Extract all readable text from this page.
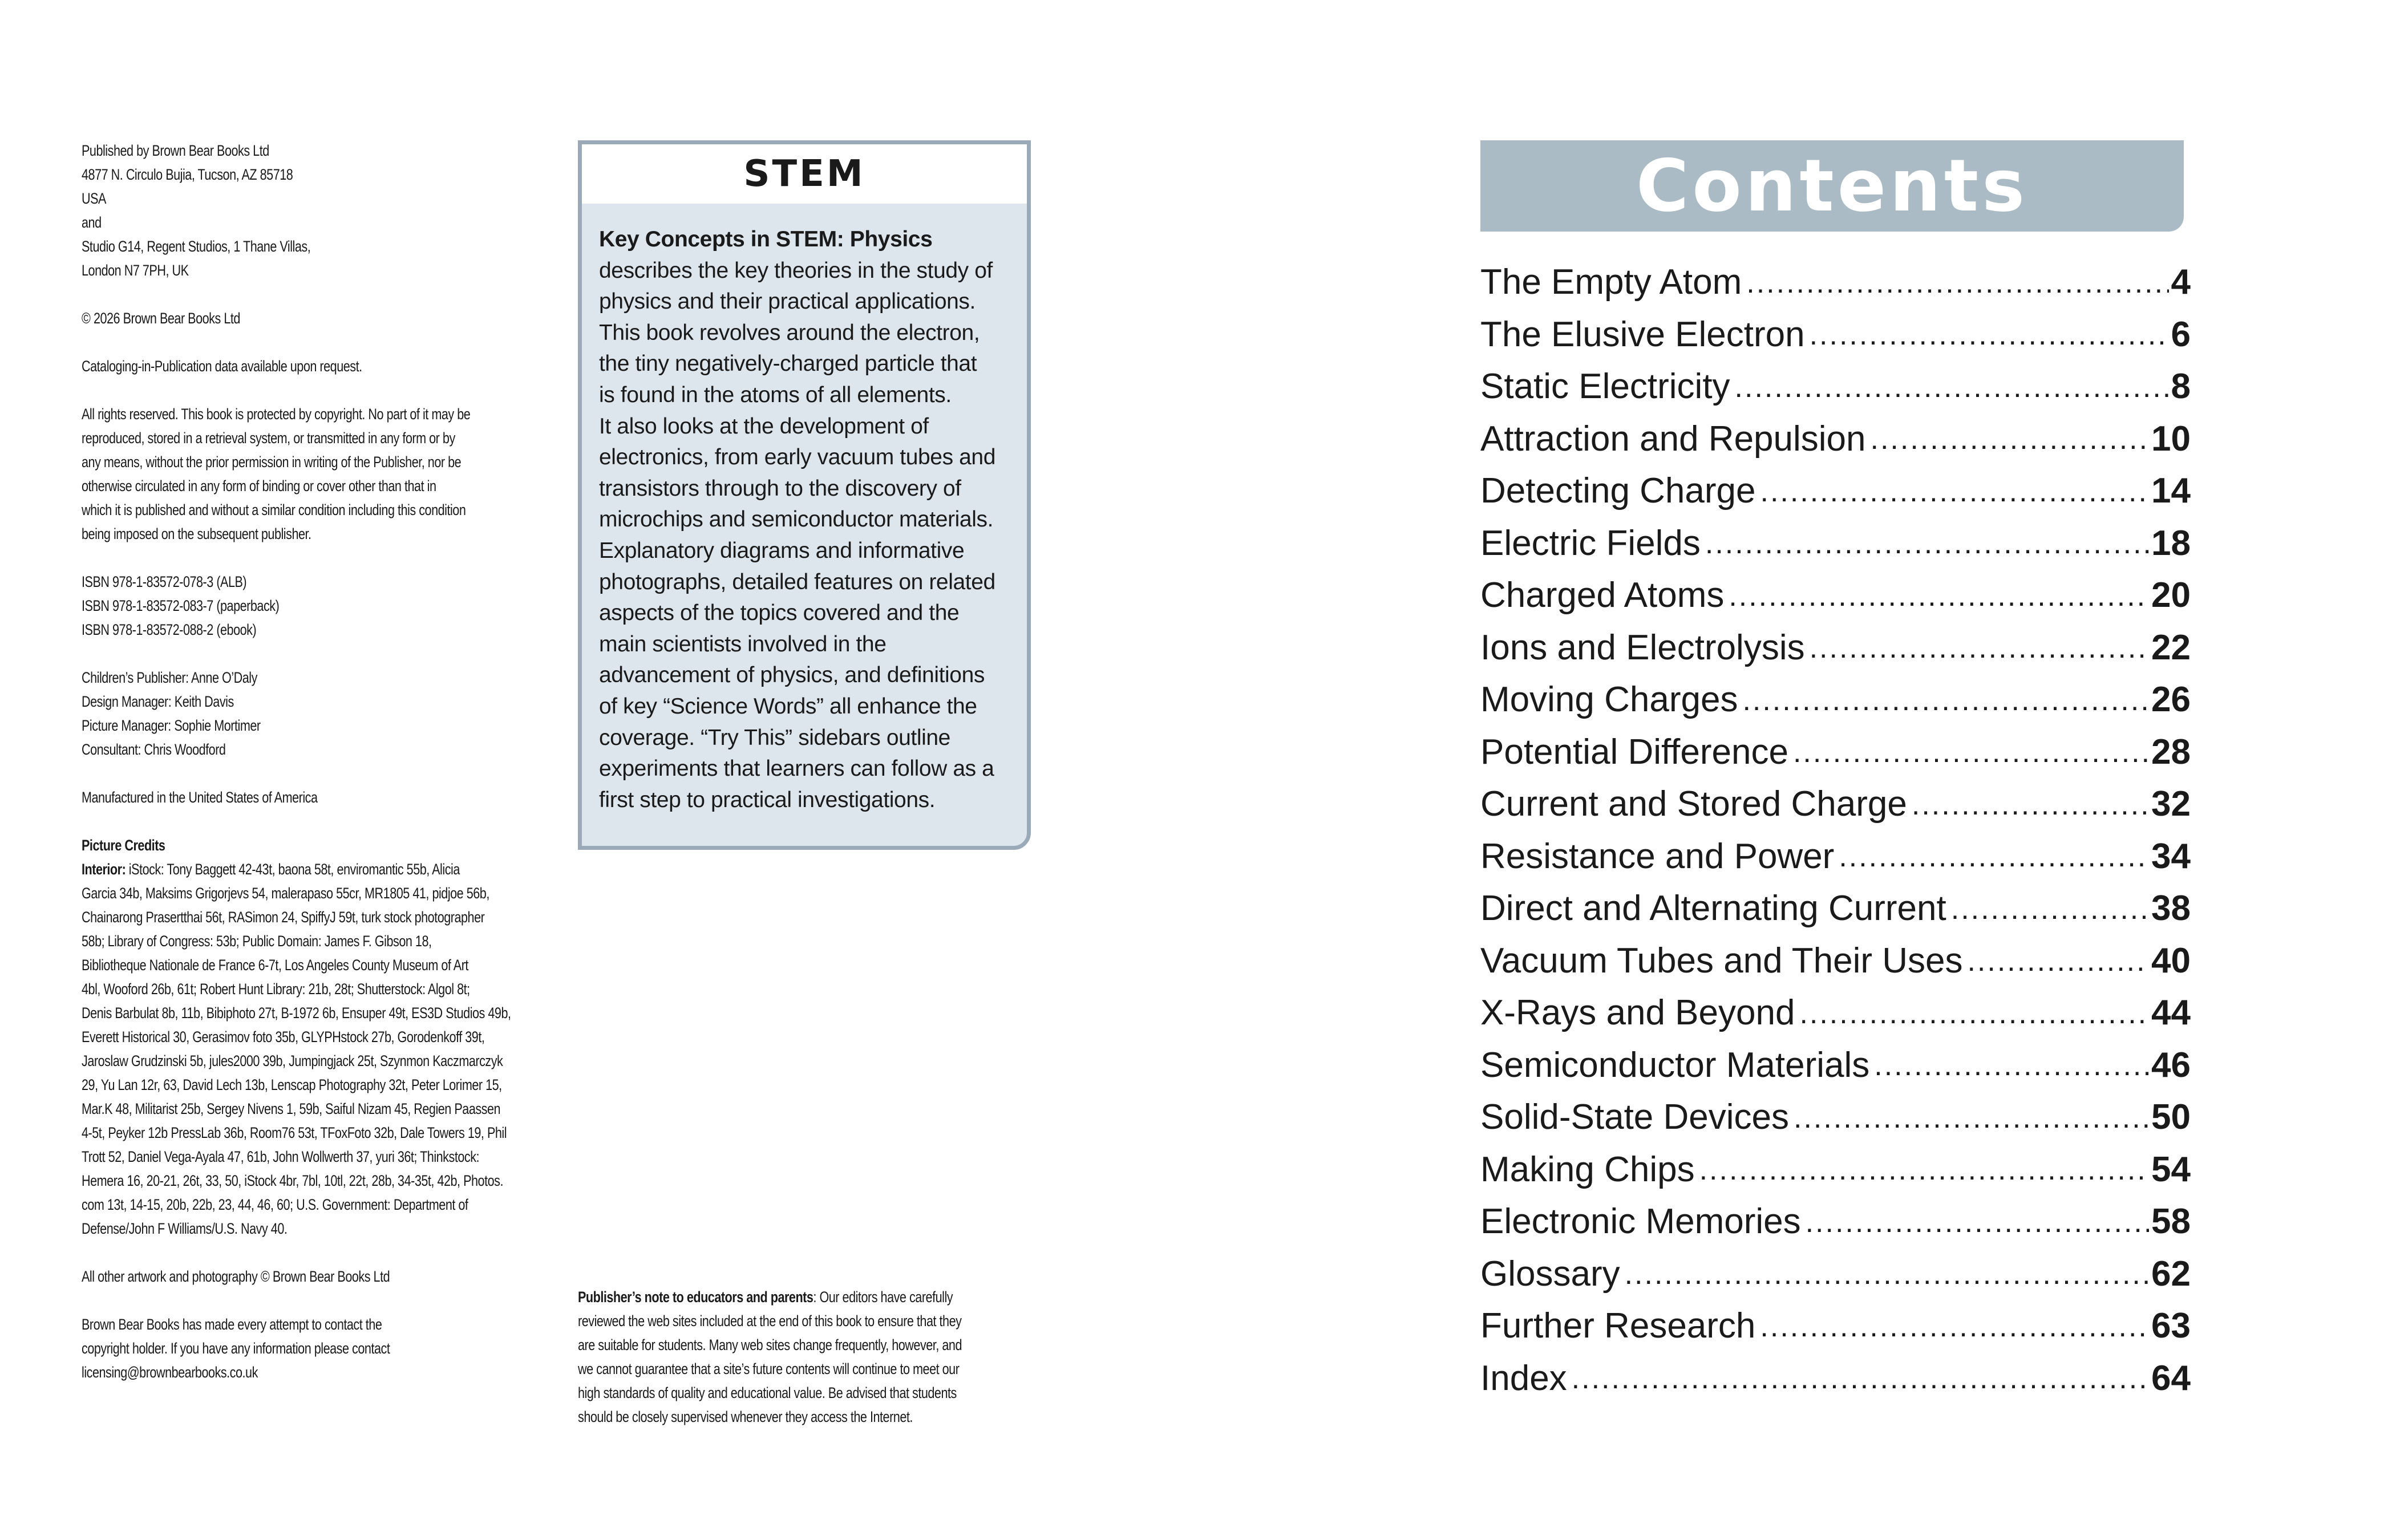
Published by Brown Bear Books Ltd
4877 N. Circulo Bujia, Tucson, AZ 85718
USA
and
Studio G14, Regent Studios, 1 Thane Villas,
London N7 7PH, UK
© 2026 Brown Bear Books Ltd
Cataloging-in-Publication data available upon request.
All rights reserved. This book is protected by copyright. No part of it may be
reproduced, stored in a retrieval system, or transmitted in any form or by
any means, without the prior permission in writing of the Publisher, nor be
otherwise circulated in any form of binding or cover other than that in
which it is published and without a similar condition including this condition
being imposed on the subsequent publisher.
ISBN 978-1-83572-078-3 (ALB)
ISBN 978-1-83572-083-7 (paperback)
ISBN 978-1-83572-088-2 (ebook)
Children’s Publisher: Anne O’Daly
Design Manager: Keith Davis
Picture Manager: Sophie Mortimer
Consultant: Chris Woodford
Manufactured in the United States of America
Picture Credits
Interior: iStock: Tony Baggett 42-43t, baona 58t, enviromantic 55b, Alicia
Garcia 34b, Maksims Grigorjevs 54, malerapaso 55cr, MR1805 41, pidjoe 56b,
Chainarong Prasertthai 56t, RASimon 24, SpiffyJ 59t, turk stock photographer
58b; Library of Congress: 53b; Public Domain: James F. Gibson 18,
Bibliotheque Nationale de France 6-7t, Los Angeles County Museum of Art
4bl, Wooford 26b, 61t; Robert Hunt Library: 21b, 28t; Shutterstock: Algol 8t;
Denis Barbulat 8b, 11b, Bibiphoto 27t, B-1972 6b, Ensuper 49t, ES3D Studios 49b,
Everett Historical 30, Gerasimov foto 35b, GLYPHstock 27b, Gorodenkoff 39t,
Jaroslaw Grudzinski 5b, jules2000 39b, Jumpingjack 25t, Szynmon Kaczmarczyk
29, Yu Lan 12r, 63, David Lech 13b, Lenscap Photography 32t, Peter Lorimer 15,
Mar.K 48, Militarist 25b, Sergey Nivens 1, 59b, Saiful Nizam 45, Regien Paassen
4-5t, Peyker 12b PressLab 36b, Room76 53t, TFoxFoto 32b, Dale Towers 19, Phil
Trott 52, Daniel Vega-Ayala 47, 61b, John Wollwerth 37, yuri 36t; Thinkstock:
Hemera 16, 20-21, 26t, 33, 50, iStock 4br, 7bl, 10tl, 22t, 28b, 34-35t, 42b, Photos.
com 13t, 14-15, 20b, 22b, 23, 44, 46, 60; U.S. Government: Department of
Defense/John F Williams/U.S. Navy 40.
All other artwork and photography © Brown Bear Books Ltd
Brown Bear Books has made every attempt to contact the
copyright holder. If you have any information please contact
licensing@brownbearbooks.co.uk
STEM
Key Concepts in STEM: Physics
describes the key theories in the study of
physics and their practical applications.
This book revolves around the electron,
the tiny negatively-charged particle that
is found in the atoms of all elements.
It also looks at the development of
electronics, from early vacuum tubes and
transistors through to the discovery of
microchips and semiconductor materials.
Explanatory diagrams and informative
photographs, detailed features on related
aspects of the topics covered and the
main scientists involved in the
advancement of physics, and definitions
of key “Science Words” all enhance the
coverage. “Try This” sidebars outline
experiments that learners can follow as a
first step to practical investigations.
Publisher’s note to educators and parents: Our editors have carefully
reviewed the web sites included at the end of this book to ensure that they
are suitable for students. Many web sites change frequently, however, and
we cannot guarantee that a site’s future contents will continue to meet our
high standards of quality and educational value. Be advised that students
should be closely supervised whenever they access the Internet.
Contents
The Empty Atom .....	4
The Elusive Electron .....	6
Static Electricity .....	8
Attraction and Repulsion .....	10
Detecting Charge .....	14
Electric Fields .....	18
Charged Atoms .....	20
Ions and Electrolysis .....	22
Moving Charges .....	26
Potential Difference .....	28
Current and Stored Charge .....	32
Resistance and Power .....	34
Direct and Alternating Current .....	38
Vacuum Tubes and Their Uses .....	40
X-Rays and Beyond .....	44
Semiconductor Materials .....	46
Solid-State Devices .....	50
Making Chips .....	54
Electronic Memories .....	58
Glossary .....	62
Further Research .....	63
Index .....	64
